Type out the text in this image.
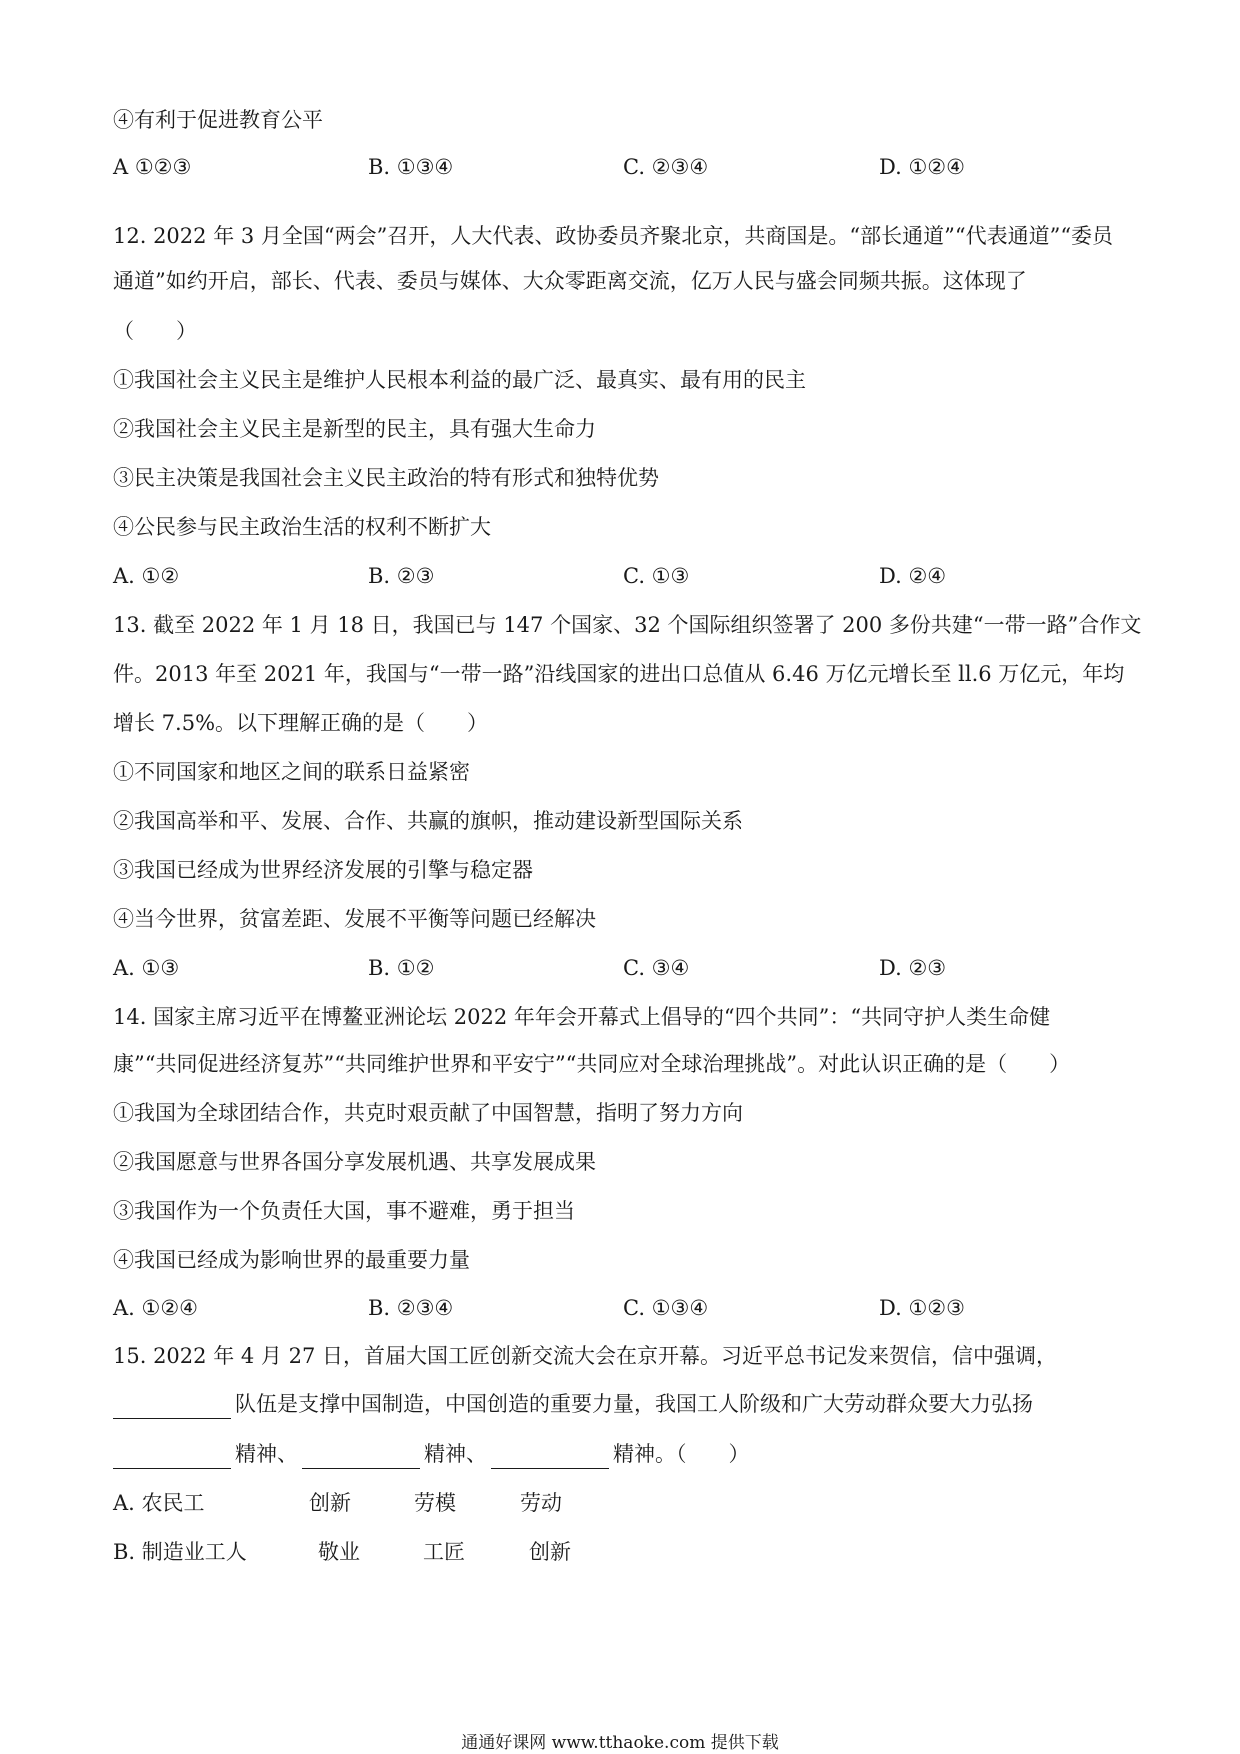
④有利于促进教育公平
A ①②③	B. ①③④	C. ②③④	D. ①②④
12. 2022 年 3 月全国“两会”召开，人大代表、政协委员齐聚北京，共商国是。“部长通道”“代表通道”“委员
通道”如约开启，部长、代表、委员与媒体、大众零距离交流，亿万人民与盛会同频共振。这体现了
（　　）
①我国社会主义民主是维护人民根本利益的最广泛、最真实、最有用的民主
②我国社会主义民主是新型的民主，具有强大生命力
③民主决策是我国社会主义民主政治的特有形式和独特优势
④公民参与民主政治生活的权利不断扩大
A. ①②	B. ②③	C. ①③	D. ②④
13. 截至 2022 年 1 月 18 日，我国已与 147 个国家、32 个国际组织签署了 200 多份共建“一带一路”合作文
件。2013 年至 2021 年，我国与“一带一路”沿线国家的进出口总值从 6.46 万亿元增长至 ll.6 万亿元，年均
增长 7.5%。以下理解正确的是（　　）
①不同国家和地区之间的联系日益紧密
②我国高举和平、发展、合作、共赢的旗帜，推动建设新型国际关系
③我国已经成为世界经济发展的引擎与稳定器
④当今世界，贫富差距、发展不平衡等问题已经解决
A. ①③	B. ①②	C. ③④	D. ②③
14. 国家主席习近平在博鳌亚洲论坛 2022 年年会开幕式上倡导的“四个共同”：“共同守护人类生命健
康”“共同促进经济复苏”“共同维护世界和平安宁”“共同应对全球治理挑战”。对此认识正确的是（　　）
①我国为全球团结合作，共克时艰贡献了中国智慧，指明了努力方向
②我国愿意与世界各国分享发展机遇、共享发展成果
③我国作为一个负责任大国，事不避难，勇于担当
④我国已经成为影响世界的最重要力量
A. ①②④	B. ②③④	C. ①③④	D. ①②③
15. 2022 年 4 月 27 日，首届大国工匠创新交流大会在京开幕。习近平总书记发来贺信，信中强调，
队伍是支撑中国制造，中国创造的重要力量，我国工人阶级和广大劳动群众要大力弘扬
精神、	精神、	精神。（　　）
A. 农民工	创新	劳模	劳动
B. 制造业工人	敬业	工匠	创新
通通好课网 www.tthaoke.com 提供下载
